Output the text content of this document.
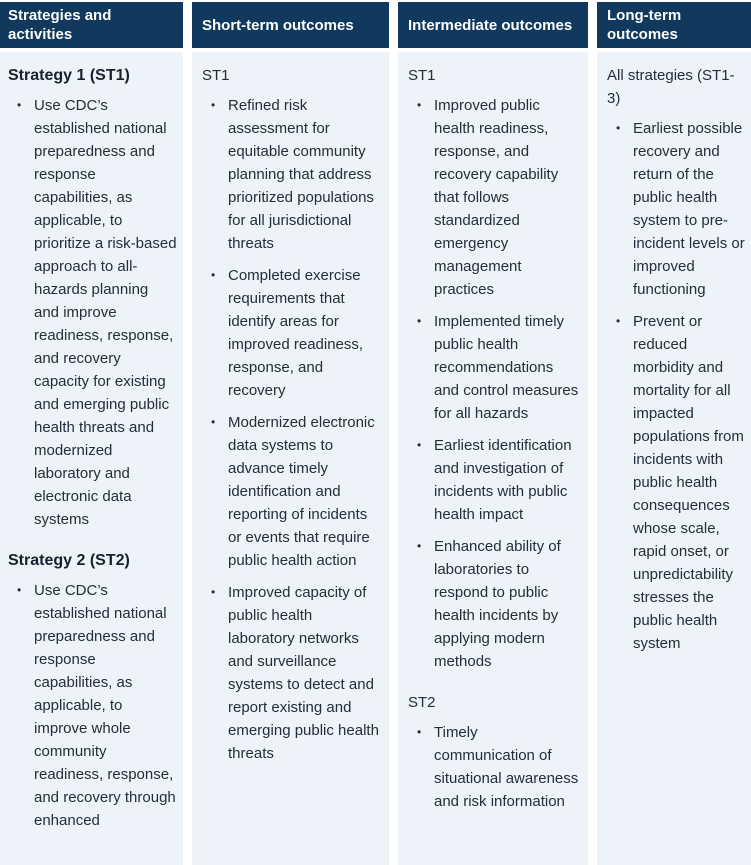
Strategies and activities
Strategy 1 (ST1)
• Use CDC’s established national preparedness and response capabilities, as applicable, to prioritize a risk-based approach to all-hazards planning and improve readiness, response, and recovery capacity for existing and emerging public health threats and modernized laboratory and electronic data systems
Strategy 2 (ST2)
• Use CDC’s established national preparedness and response capabilities, as applicable, to improve whole community readiness, response, and recovery through enhanced
Short-term outcomes
ST1
• Refined risk assessment for equitable community planning that address prioritized populations for all jurisdictional threats
• Completed exercise requirements that identify areas for improved readiness, response, and recovery
• Modernized electronic data systems to advance timely identification and reporting of incidents or events that require public health action
• Improved capacity of public health laboratory networks and surveillance systems to detect and report existing and emerging public health threats
Intermediate outcomes
ST1
• Improved public health readiness, response, and recovery capability that follows standardized emergency management practices
• Implemented timely public health recommendations and control measures for all hazards
• Earliest identification and investigation of incidents with public health impact
• Enhanced ability of laboratories to respond to public health incidents by applying modern methods
ST2
• Timely communication of situational awareness and risk information
Long-term outcomes
All strategies (ST1-3)
• Earliest possible recovery and return of the public health system to pre-incident levels or improved functioning
• Prevent or reduced morbidity and mortality for all impacted populations from incidents with public health consequences whose scale, rapid onset, or unpredictability stresses the public health system
